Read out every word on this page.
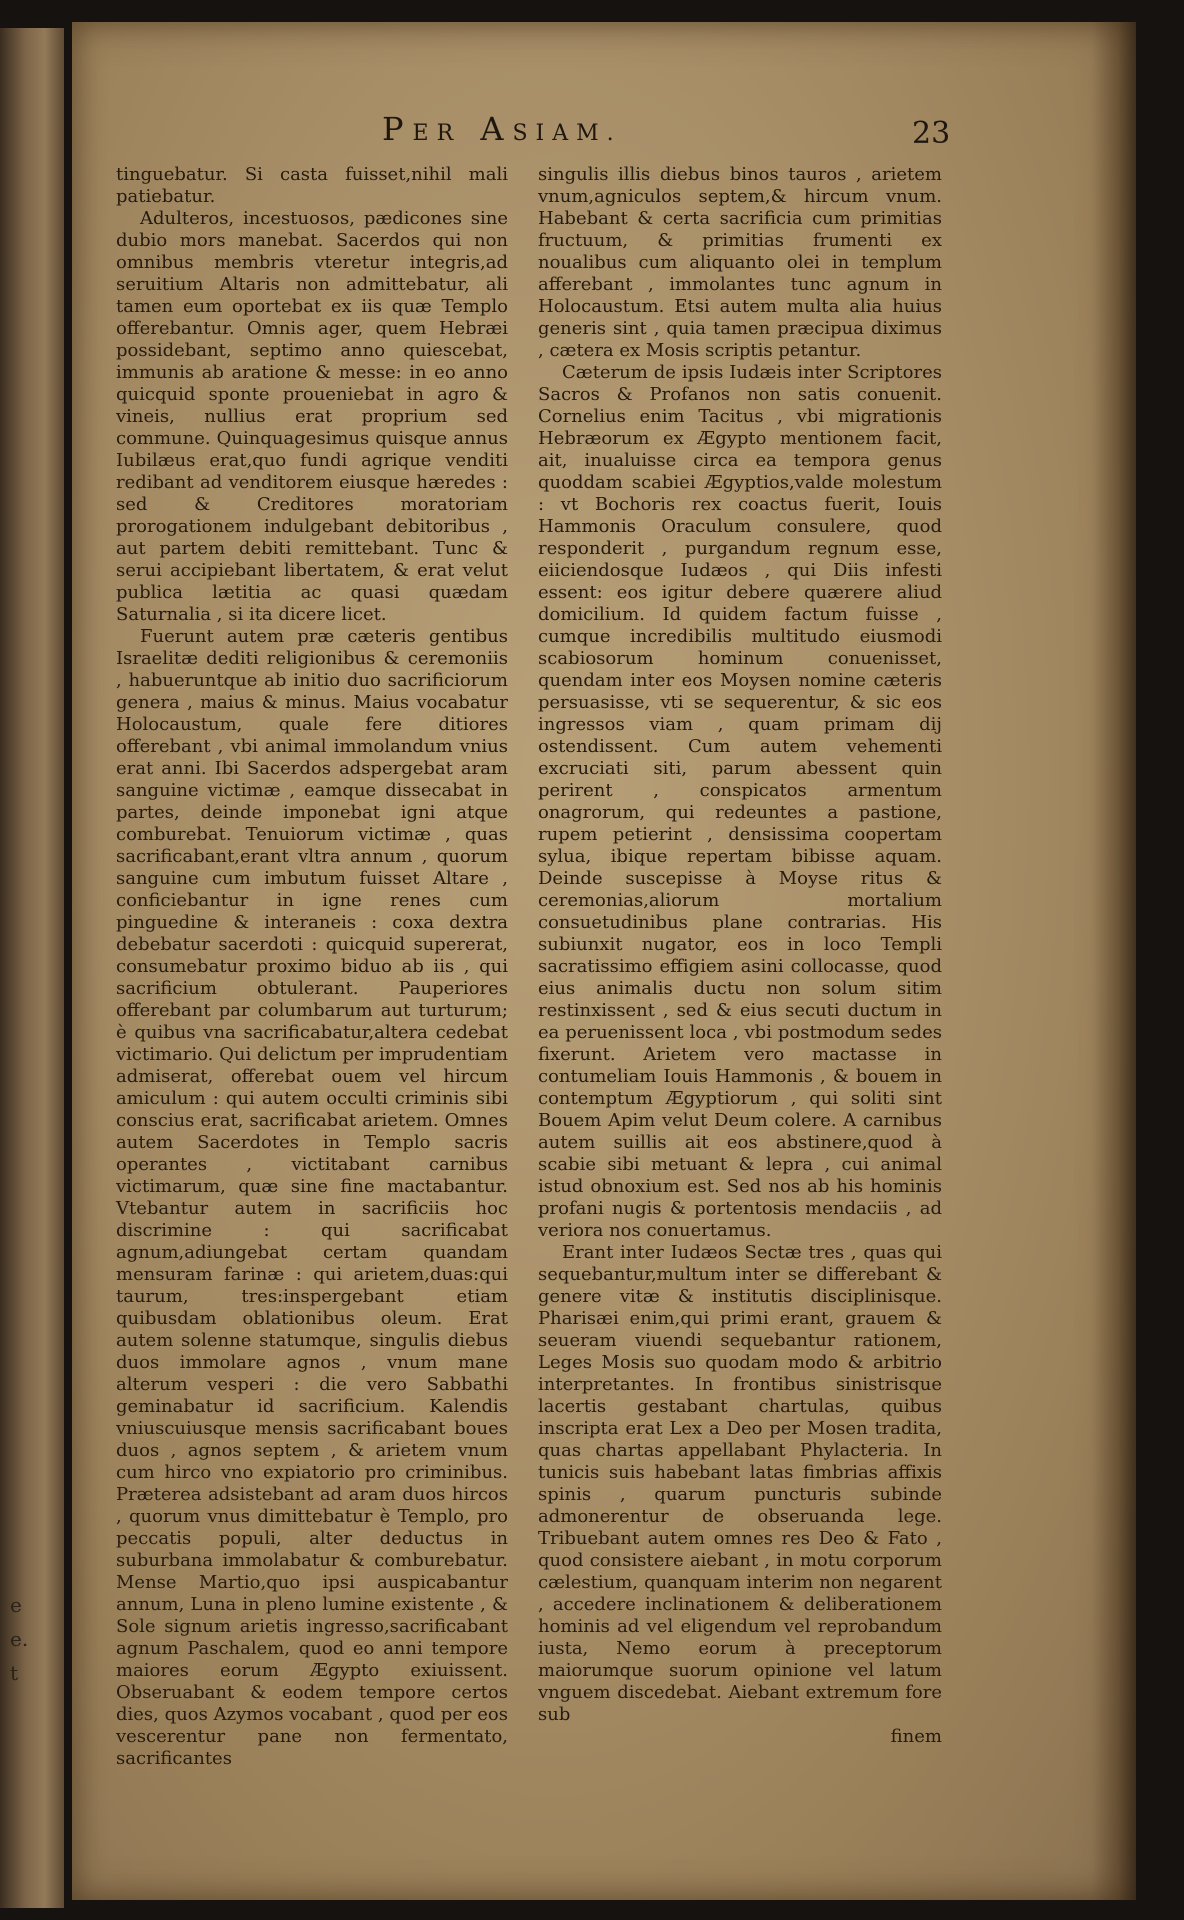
e
e.
t
PER ASIAM.	23

tinguebatur. Si casta fuisset,nihil mali patiebatur.

Adulteros, incestuosos, pædicones sine dubio mors manebat. Sacerdos qui non omnibus membris vteretur integris,ad seruitium Altaris non admittebatur, ali tamen eum oportebat ex iis quæ Templo offerebantur. Omnis ager, quem Hebræi possidebant, septimo anno quiescebat, immunis ab aratione & messe: in eo anno quicquid sponte proueniebat in agro & vineis, nullius erat proprium sed commune. Quinquagesimus quisque annus Iubilæus erat,quo fundi agrique venditi redibant ad venditorem eiusque hæredes : sed & Creditores moratoriam prorogationem indulgebant debitoribus , aut partem debiti remittebant. Tunc & serui accipiebant libertatem, & erat velut publica lætitia ac quasi quædam Saturnalia , si ita dicere licet.

Fuerunt autem præ cæteris gentibus Israelitæ dediti religionibus & ceremoniis , habueruntque ab initio duo sacrificiorum genera , maius & minus. Maius vocabatur Holocaustum, quale fere ditiores offerebant , vbi animal immolandum vnius erat anni. Ibi Sacerdos adspergebat aram sanguine victimæ , eamque dissecabat in partes, deinde imponebat igni atque comburebat. Tenuiorum victimæ , quas sacrificabant,erant vltra annum , quorum sanguine cum imbutum fuisset Altare , conficiebantur in igne renes cum pinguedine & interaneis : coxa dextra debebatur sacerdoti : quicquid supererat, consumebatur proximo biduo ab iis , qui sacrificium obtulerant. Pauperiores offerebant par columbarum aut turturum; è quibus vna sacrificabatur,altera cedebat victimario. Qui delictum per imprudentiam admiserat, offerebat ouem vel hircum amiculum : qui autem occulti criminis sibi conscius erat, sacrificabat arietem. Omnes autem Sacerdotes in Templo sacris operantes , victitabant carnibus victimarum, quæ sine fine mactabantur. Vtebantur autem in sacrificiis hoc discrimine : qui sacrificabat agnum,adiungebat certam quandam mensuram farinæ : qui arietem,duas:qui taurum, tres:inspergebant etiam quibusdam oblationibus oleum. Erat autem solenne statumque, singulis diebus duos immolare agnos , vnum mane alterum vesperi : die vero Sabbathi geminabatur id sacrificium. Kalendis vniuscuiusque mensis sacrificabant boues duos , agnos septem , & arietem vnum cum hirco vno expiatorio pro criminibus. Præterea adsistebant ad aram duos hircos , quorum vnus dimittebatur è Templo, pro peccatis populi, alter deductus in suburbana immolabatur & comburebatur. Mense Martio,quo ipsi auspicabantur annum, Luna in pleno lumine existente , & Sole signum arietis ingresso,sacrificabant agnum Paschalem, quod eo anni tempore maiores eorum Ægypto exiuissent. Obseruabant & eodem tempore certos dies, quos Azymos vocabant , quod per eos vescerentur pane non fermentato, sacrificantes

singulis illis diebus binos tauros , arietem vnum,agniculos septem,& hircum vnum. Habebant & certa sacrificia cum primitias fructuum, & primitias frumenti ex noualibus cum aliquanto olei in templum afferebant , immolantes tunc agnum in Holocaustum. Etsi autem multa alia huius generis sint , quia tamen præcipua diximus , cætera ex Mosis scriptis petantur.

Cæterum de ipsis Iudæis inter Scriptores Sacros & Profanos non satis conuenit. Cornelius enim Tacitus , vbi migrationis Hebræorum ex Ægypto mentionem facit, ait, inualuisse circa ea tempora genus quoddam scabiei Ægyptios,valde molestum : vt Bochoris rex coactus fuerit, Iouis Hammonis Oraculum consulere, quod responderit , purgandum regnum esse, eiiciendosque Iudæos , qui Diis infesti essent: eos igitur debere quærere aliud domicilium. Id quidem factum fuisse , cumque incredibilis multitudo eiusmodi scabiosorum hominum conuenisset, quendam inter eos Moysen nomine cæteris persuasisse, vti se sequerentur, & sic eos ingressos viam , quam primam dij ostendissent. Cum autem vehementi excruciati siti, parum abessent quin perirent , conspicatos armentum onagrorum, qui redeuntes a pastione, rupem petierint , densissima coopertam sylua, ibique repertam bibisse aquam. Deinde suscepisse à Moyse ritus & ceremonias,aliorum mortalium consuetudinibus plane contrarias. His subiunxit nugator, eos in loco Templi sacratissimo effigiem asini collocasse, quod eius animalis ductu non solum sitim restinxissent , sed & eius secuti ductum in ea peruenissent loca , vbi postmodum sedes fixerunt. Arietem vero mactasse in contumeliam Iouis Hammonis , & bouem in contemptum Ægyptiorum , qui soliti sint Bouem Apim velut Deum colere. A carnibus autem suillis ait eos abstinere,quod à scabie sibi metuant & lepra , cui animal istud obnoxium est. Sed nos ab his hominis profani nugis & portentosis mendaciis , ad veriora nos conuertamus.

Erant inter Iudæos Sectæ tres , quas qui sequebantur,multum inter se differebant & genere vitæ & institutis disciplinisque. Pharisæi enim,qui primi erant, grauem & seueram viuendi sequebantur rationem, Leges Mosis suo quodam modo & arbitrio interpretantes. In frontibus sinistrisque lacertis gestabant chartulas, quibus inscripta erat Lex a Deo per Mosen tradita, quas chartas appellabant Phylacteria. In tunicis suis habebant latas fimbrias affixis spinis , quarum puncturis subinde admonerentur de obseruanda lege. Tribuebant autem omnes res Deo & Fato , quod consistere aiebant , in motu corporum cælestium, quanquam interim non negarent , accedere inclinationem & deliberationem hominis ad vel eligendum vel reprobandum iusta, Nemo eorum à preceptorum maiorumque suorum opinione vel latum vnguem discedebat. Aiebant extremum fore sub

finem
